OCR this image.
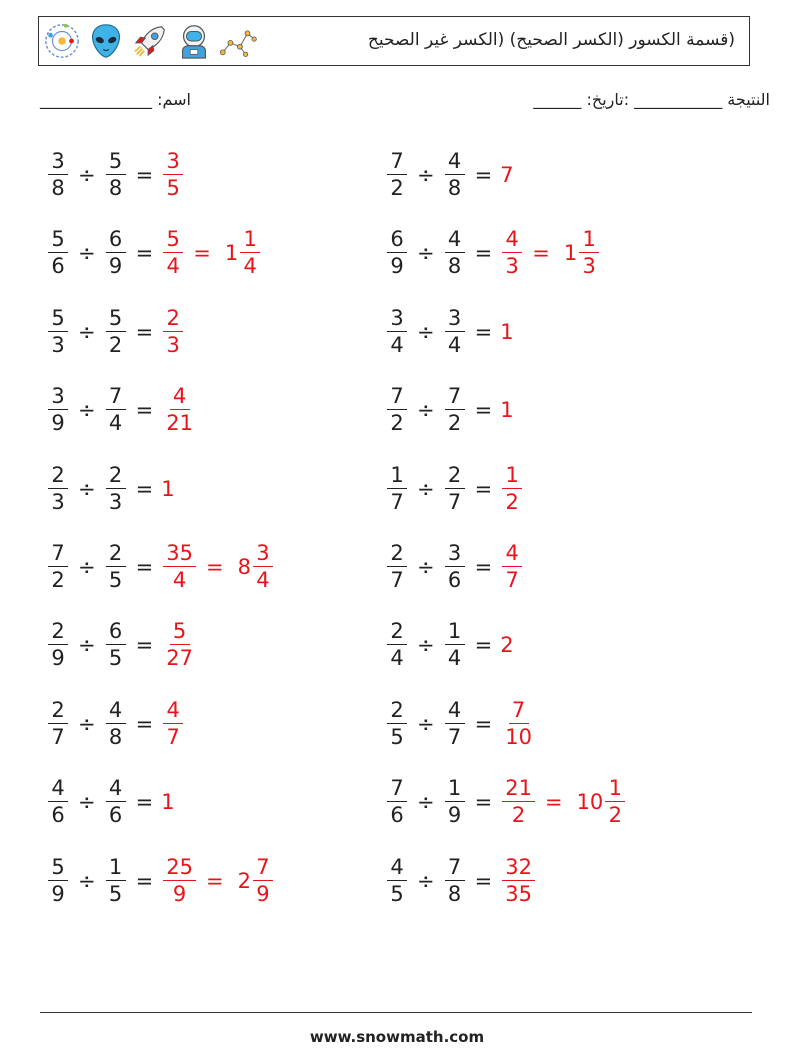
(قسمة الكسور (الكسر الصحيح) (الكسر غير الصحيح
اسم: ______________	النتيجة ___________ :تاريخ: ______
$\frac{3}{8} \div \frac{5}{8} = \frac{3}{5}$	$\frac{7}{2} \div \frac{4}{8} = 7$
$\frac{5}{6} \div \frac{6}{9} = \frac{5}{4} = 1 \frac{1}{4}$	$\frac{6}{9} \div \frac{4}{8} = \frac{4}{3} = 1 \frac{1}{3}$
$\frac{5}{3} \div \frac{5}{2} = \frac{2}{3}$	$\frac{3}{4} \div \frac{3}{4} = 1$
$\frac{3}{9} \div \frac{7}{4} = \frac{4}{21}$	$\frac{7}{2} \div \frac{7}{2} = 1$
$\frac{2}{3} \div \frac{2}{3} = 1$	$\frac{1}{7} \div \frac{2}{7} = \frac{1}{2}$
$\frac{7}{2} \div \frac{2}{5} = \frac{35}{4} = 8 \frac{3}{4}$	$\frac{2}{7} \div \frac{3}{6} = \frac{4}{7}$
$\frac{2}{9} \div \frac{6}{5} = \frac{5}{27}$	$\frac{2}{4} \div \frac{1}{4} = 2$
$\frac{2}{7} \div \frac{4}{8} = \frac{4}{7}$	$\frac{2}{5} \div \frac{4}{7} = \frac{7}{10}$
$\frac{4}{6} \div \frac{4}{6} = 1$	$\frac{7}{6} \div \frac{1}{9} = \frac{21}{2} = 10 \frac{1}{2}$
$\frac{5}{9} \div \frac{1}{5} = \frac{25}{9} = 2 \frac{7}{9}$	$\frac{4}{5} \div \frac{7}{8} = \frac{32}{35}$
www.snowmath.com
